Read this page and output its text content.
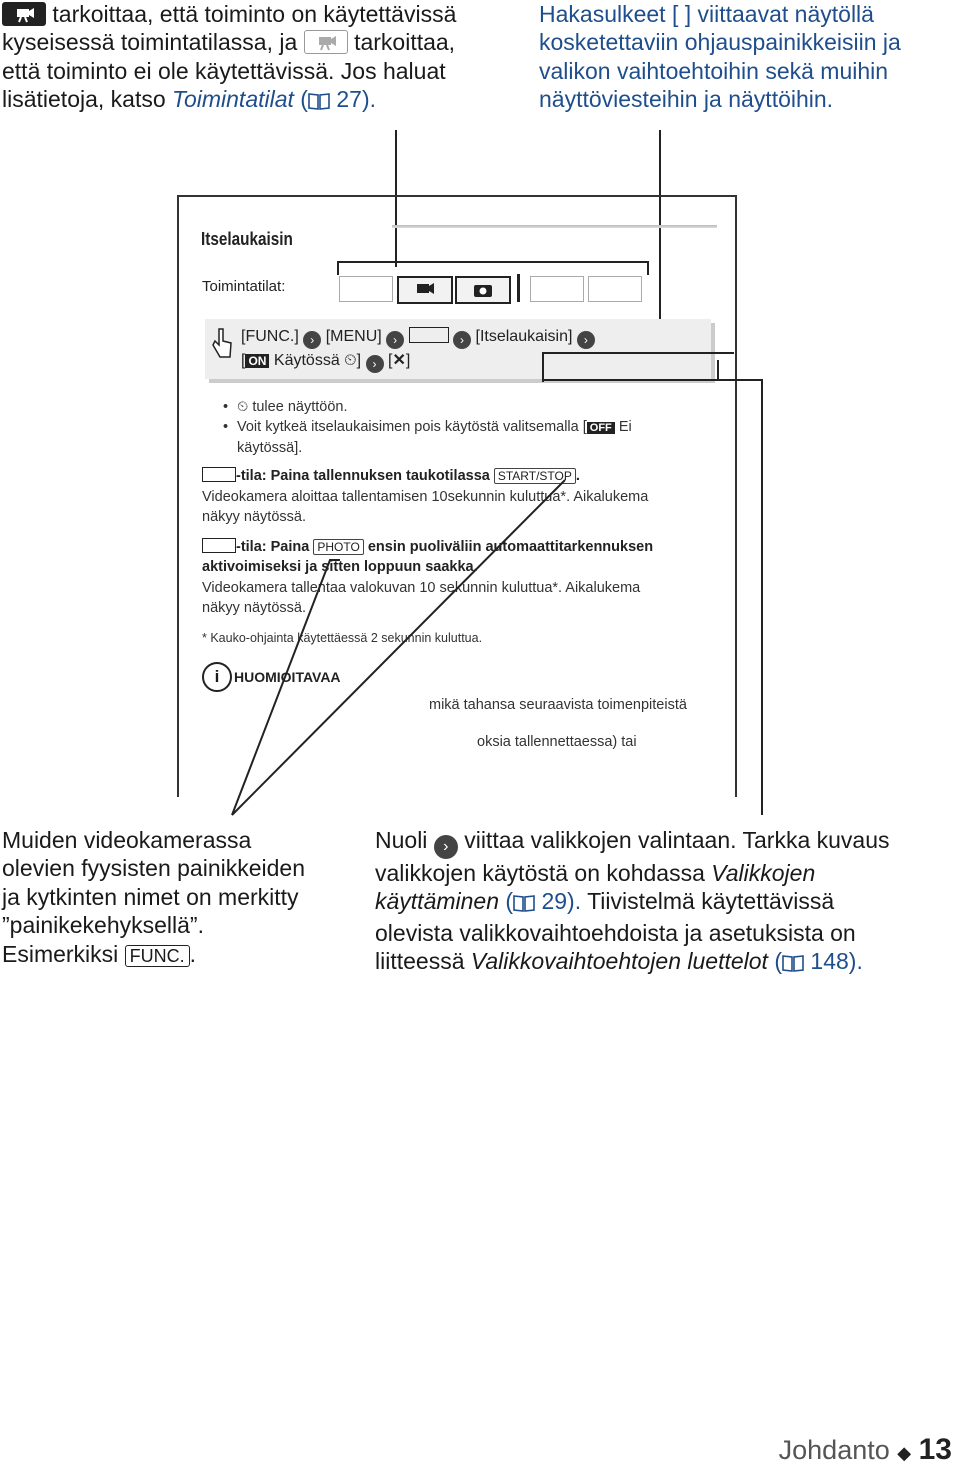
tarkoittaa, että toiminto on käytettävissä
kyseisessä toimintatilassa, ja tarkoittaa,
että toiminto ei ole käytettävissä. Jos haluat
lisätietoja, katso Toimintatilat ( 27).
Hakasulkeet [ ] viittaavat näytöllä
kosketettaviin ohjauspainikkeisiin ja
valikon vaihtoehtoihin sekä muihin
näyttöviesteihin ja näyttöihin.
Itselaukaisin
Toimintatilat:
[FUNC.] › [MENU] ›	› [Itselaukaisin] ›
[ ON Käytössä ⏲] › [✕]
• ⏲ tulee näyttöön.
• Voit kytkeä itselaukaisimen pois käytöstä valitsemalla [ OFF Ei
käytössä].
-tila: Paina tallennuksen taukotilassa START/STOP .
Videokamera aloittaa tallentamisen 10sekunnin kuluttua*. Aikalukema
näkyy näytössä.
-tila: Paina PHOTO ensin puoliväliin automaattitarkennuksen
aktivoimiseksi ja sitten loppuun saakka.
Videokamera tallentaa valokuvan 10 sekunnin kuluttua*. Aikalukema
näkyy näytössä.
* Kauko-ohjainta käytettäessä 2 sekunnin kuluttua.
i	HUOMIOITAVAA
mikä tahansa seuraavista toimenpiteistä
oksia tallennettaessa) tai
Muiden videokamerassa
olevien fyysisten painikkeiden
ja kytkinten nimet on merkitty
”painikekehyksellä”.
Esimerkiksi FUNC. .
Nuoli › viittaa valikkojen valintaan. Tarkka kuvaus
valikkojen käytöstä on kohdassa Valikkojen
käyttäminen ( 29). Tiivistelmä käytettävissä
olevista valikkovaihtoehdoista ja asetuksista on
liitteessä Valikkovaihtoehtojen luettelot ( 148).
Johdanto ◆ 13
